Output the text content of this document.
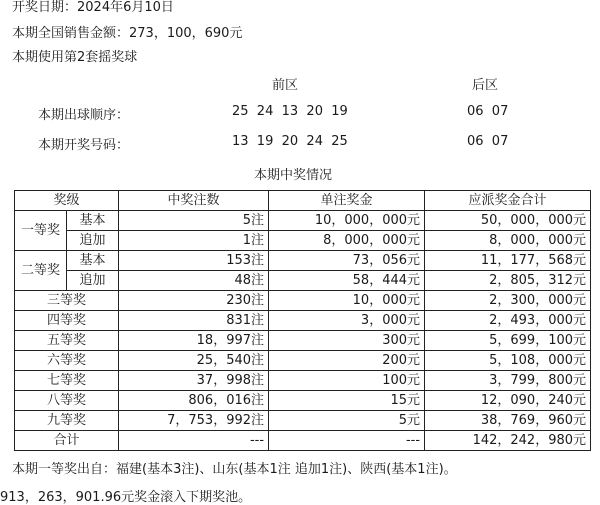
开奖日期：2024年6月10日
本期全国销售金额：273，100，690元
本期使用第2套摇奖球
前区	后区
本期出球顺序：	25  24  13  20  19	06  07
本期开奖号码：	13  19  20  24  25	06  07
本期中奖情况
奖级		中奖注数	单注奖金	应派奖金合计
一等奖	基本	5注	10，000，000元	50，000，000元
	追加	1注	8，000，000元	8，000，000元
二等奖	基本	153注	73，056元	11，177，568元
	追加	48注	58，444元	2，805，312元
三等奖		230注	10，000元	2，300，000元
四等奖		831注	3，000元	2，493，000元
五等奖		18，997注	300元	5，699，100元
六等奖		25，540注	200元	5，108，000元
七等奖		37，998注	100元	3，799，800元
八等奖		806，016注	15元	12，090，240元
九等奖		7，753，992注	5元	38，769，960元
合计		---	---	142，242，980元
本期一等奖出自：福建(基本3注)、山东(基本1注 追加1注)、陕西(基本1注)。
913，263，901.96元奖金滚入下期奖池。
